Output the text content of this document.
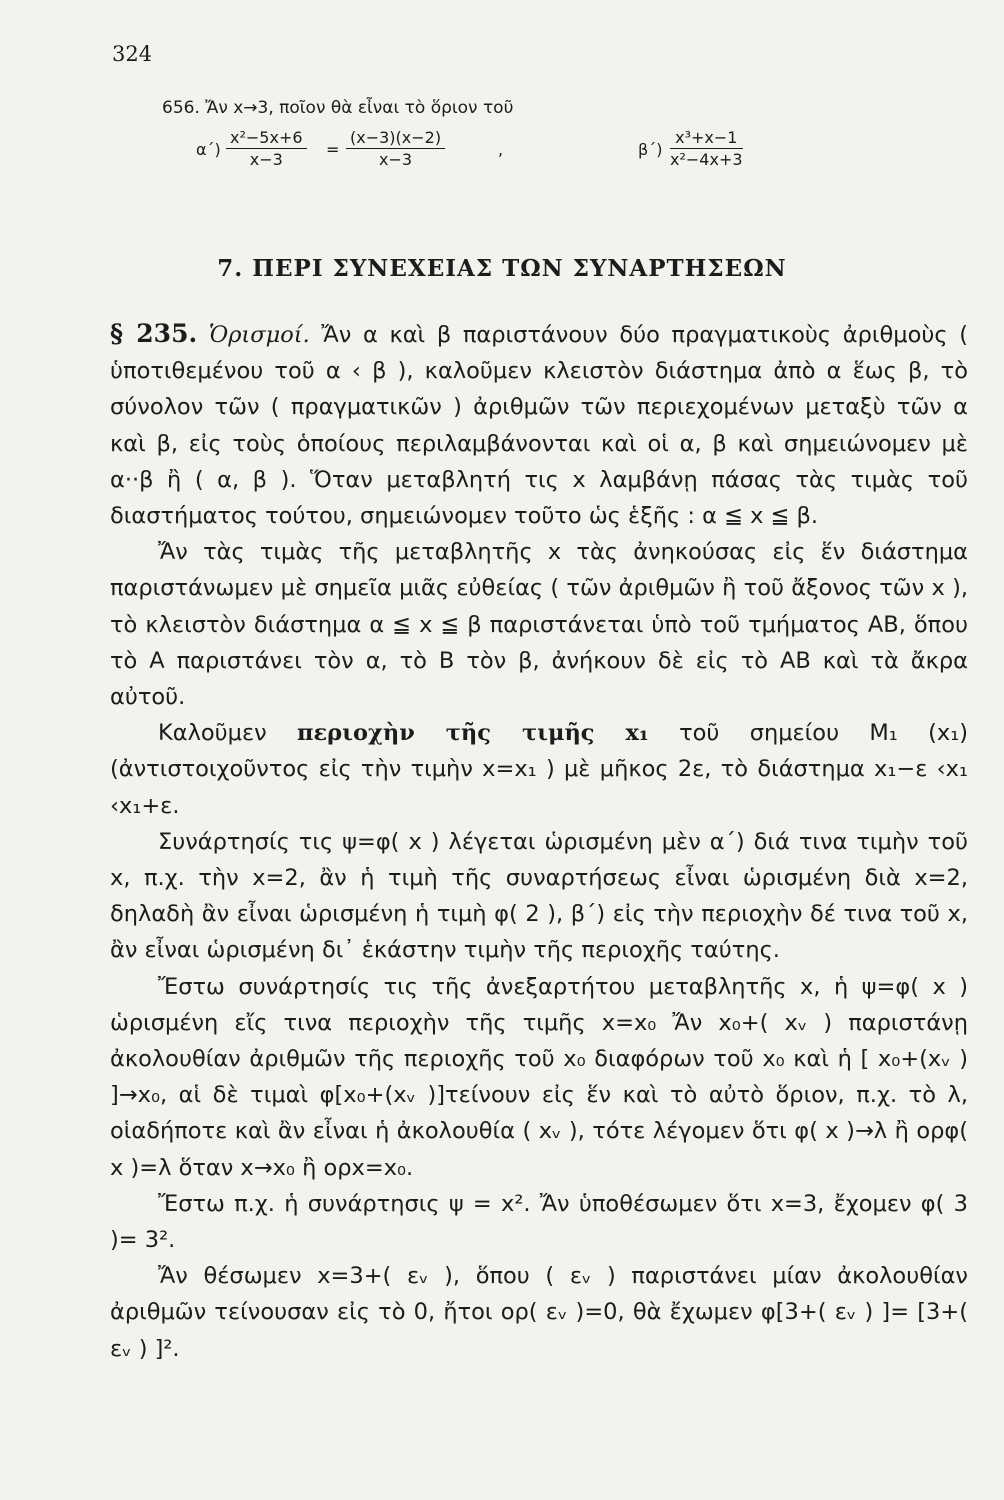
324
656. Ἄν x→3, ποῖον θὰ εἶναι τὸ ὅριον τοῦ
$\alpha΄) \frac{\text{x²−5x+6}}{x-3} = \frac{(x-3)(x-2)}{x-3}$	,	$\beta΄) \frac{\text{x³+x−1}}{\text{x²−4x+3}}$
7. ΠΕΡΙ ΣΥΝΕΧΕΙΑΣ ΤΩΝ ΣΥΝΑΡΤΗΣΕΩΝ

§ 235. Ὁρισμοί. Ἄν α καὶ β παριστάνουν δύο πραγματικοὺς ἀριθμοὺς ( ὑποτιθεμένου τοῦ α ‹ β ), καλοῦμεν κλειστὸν διάστημα ἀπὸ α ἕως β, τὸ σύνολον τῶν ( πραγματικῶν ) ἀριθμῶν τῶν περιεχομένων μεταξὺ τῶν α καὶ β, εἰς τοὺς ὁποίους περιλαμβάνονται καὶ οἱ α, β καὶ σημειώνομεν μὲ α··β ἢ ( α, β ). Ὅταν μεταβλητή τις x λαμβάνῃ πάσας τὰς τιμὰς τοῦ διαστήματος τούτου, σημειώνομεν τοῦτο ὡς ἑξῆς : α ≦ x ≦ β.

Ἄν τὰς τιμὰς τῆς μεταβλητῆς x τὰς ἀνηκούσας εἰς ἕν διάστημα παριστάνωμεν μὲ σημεῖα μιᾶς εὐθείας ( τῶν ἀριθμῶν ἢ τοῦ ἄξονος τῶν x ), τὸ κλειστὸν διάστημα α ≦ x ≦ β παριστάνεται ὑπὸ τοῦ τμήματος ΑΒ, ὅπου τὸ Α παριστάνει τὸν α, τὸ Β τὸν β, ἀνήκουν δὲ εἰς τὸ ΑΒ καὶ τὰ ἄκρα αὐτοῦ.

Καλοῦμεν περιοχὴν τῆς τιμῆς x₁ τοῦ σημείου M₁ (x₁) (ἀντιστοιχοῦντος εἰς τὴν τιμὴν x=x₁ ) μὲ μῆκος 2ε, τὸ διάστημα x₁−ε ‹x₁ ‹x₁+ε.

Συνάρτησίς τις ψ=φ( x ) λέγεται ὡρισμένη μὲν α΄) διά τινα τιμὴν τοῦ x, π.χ. τὴν x=2, ἂν ἡ τιμὴ τῆς συναρτήσεως εἶναι ὡρισμένη διὰ x=2, δηλαδὴ ἂν εἶναι ὡρισμένη ἡ τιμὴ φ( 2 ), β΄) εἰς τὴν περιοχὴν δέ τινα τοῦ x, ἂν εἶναι ὡρισμένη δι᾽ ἑκάστην τιμὴν τῆς περιοχῆς ταύτης.

Ἔστω συνάρτησίς τις τῆς ἀνεξαρτήτου μεταβλητῆς x, ἡ ψ=φ( x ) ὡρισμένη εἴς τινα περιοχὴν τῆς τιμῆς x=x₀ Ἄν x₀+( xᵥ ) παριστάνῃ ἀκολουθίαν ἀριθμῶν τῆς περιοχῆς τοῦ x₀ διαφόρων τοῦ x₀ καὶ ἡ [ x₀+(xᵥ ) ]→x₀, αἱ δὲ τιμαὶ φ[x₀+(xᵥ )]τείνουν εἰς ἕν καὶ τὸ αὐτὸ ὅριον, π.χ. τὸ λ, οἱαδήποτε καὶ ἂν εἶναι ἡ ἀκολουθία ( xᵥ ), τότε λέγομεν ὅτι φ( x )→λ ἢ ορφ( x )=λ ὅταν x→x₀ ἢ ορx=x₀.

Ἔστω π.χ. ἡ συνάρτησις ψ = x². Ἄν ὑποθέσωμεν ὅτι x=3, ἔχομεν φ( 3 )= 3².

Ἄν θέσωμεν x=3+( εᵥ ), ὅπου ( εᵥ ) παριστάνει μίαν ἀκολουθίαν ἀριθμῶν τείνουσαν εἰς τὸ 0, ἤτοι ορ( εᵥ )=0, θὰ ἔχωμεν φ[3+( εᵥ ) ]= [3+( εᵥ ) ]².
